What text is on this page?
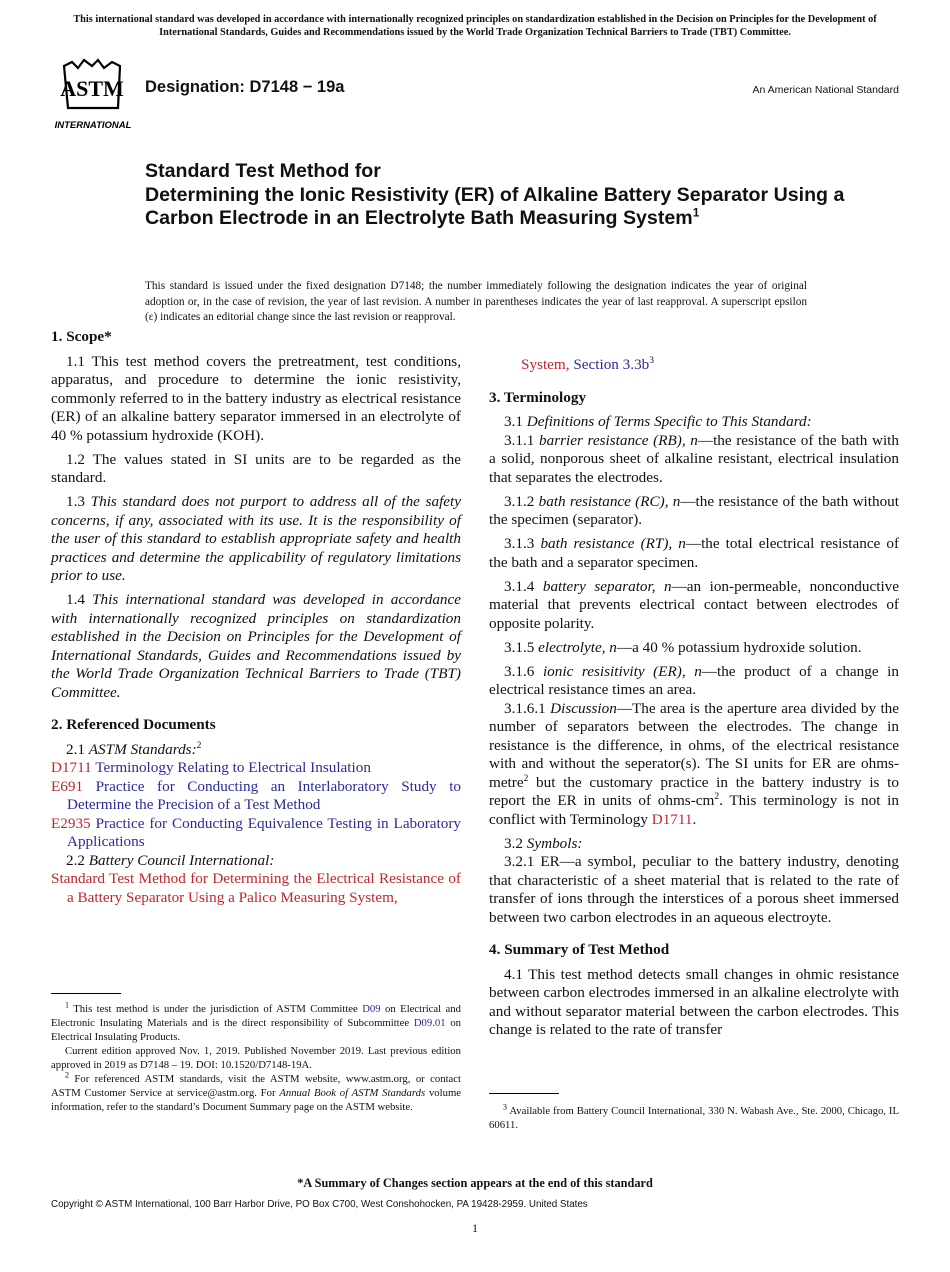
This international standard was developed in accordance with internationally recognized principles on standardization established in the Decision on Principles for the Development of International Standards, Guides and Recommendations issued by the World Trade Organization Technical Barriers to Trade (TBT) Committee.
ASTM
INTERNATIONAL
Designation: D7148 − 19a	An American National Standard
Standard Test Method for
Determining the Ionic Resistivity (ER) of Alkaline Battery Separator Using a Carbon Electrode in an Electrolyte Bath Measuring System$^1$
This standard is issued under the fixed designation D7148; the number immediately following the designation indicates the year of original adoption or, in the case of revision, the year of last revision. A number in parentheses indicates the year of last reapproval. A superscript epsilon (ε) indicates an editorial change since the last revision or reapproval.
1. Scope*

1.1 This test method covers the pretreatment, test conditions, apparatus, and procedure to determine the ionic resistivity, commonly referred to in the battery industry as electrical resistance (ER) of an alkaline battery separator immersed in an electrolyte of 40 % potassium hydroxide (KOH).

1.2 The values stated in SI units are to be regarded as the standard.

1.3 This standard does not purport to address all of the safety concerns, if any, associated with its use. It is the responsibility of the user of this standard to establish appropriate safety and health practices and determine the applicability of regulatory limitations prior to use.

1.4 This international standard was developed in accordance with internationally recognized principles on standardization established in the Decision on Principles for the Development of International Standards, Guides and Recommendations issued by the World Trade Organization Technical Barriers to Trade (TBT) Committee.

2. Referenced Documents

2.1 ASTM Standards:$^2$

D1711 Terminology Relating to Electrical Insulation
E691 Practice for Conducting an Interlaboratory Study to Determine the Precision of a Test Method
E2935 Practice for Conducting Equivalence Testing in Laboratory Applications

2.2 Battery Council International:

Standard Test Method for Determining the Electrical Resistance of a Battery Separator Using a Palico Measuring System,
System, Section $3.3b^3$
3. Terminology

3.1 Definitions of Terms Specific to This Standard:

3.1.1 barrier resistance (RB), n—the resistance of the bath with a solid, nonporous sheet of alkaline resistant, electrical insulation that separates the electrodes.

3.1.2 bath resistance (RC), n—the resistance of the bath without the specimen (separator).

3.1.3 bath resistance (RT), n—the total electrical resistance of the bath and a separator specimen.

3.1.4 battery separator, n—an ion-permeable, nonconductive material that prevents electrical contact between electrodes of opposite polarity.

3.1.5 electrolyte, n—a 40 % potassium hydroxide solution.

3.1.6 ionic resisitivity (ER), n—the product of a change in electrical resistance times an area.

3.1.6.1 Discussion—The area is the aperture area divided by the number of separators between the electrodes. The change in resistance is the difference, in ohms, of the electrical resistance with and without the seperator(s). The SI units for ER are ohms-metre$^2$ but the customary practice in the battery industry is to report the ER in units of ohms-$cm^2$. This terminology is not in conflict with Terminology D1711.

3.2 Symbols:

3.2.1 ER—a symbol, peculiar to the battery industry, denoting that characteristic of a sheet material that is related to the rate of transfer of ions through the interstices of a porous sheet immersed between two carbon electrodes in an aqueous electroyte.

4. Summary of Test Method

4.1 This test method detects small changes in ohmic resistance between carbon electrodes immersed in an alkaline electrolyte with and without separator material between the carbon electrodes. This change is related to the rate of transfer

$^1$ This test method is under the jurisdiction of ASTM Committee D09 on Electrical and Electronic Insulating Materials and is the direct responsibility of Subcommittee D09.01 on Electrical Insulating Products.

Current edition approved Nov. 1, 2019. Published November 2019. Last previous edition approved in 2019 as D7148 – 19. DOI: 10.1520/D7148-19A.

$^2$ For referenced ASTM standards, visit the ASTM website, www.astm.org, or contact ASTM Customer Service at service@astm.org. For Annual Book of ASTM Standards volume information, refer to the standard’s Document Summary page on the ASTM website.	$^3$ Available from Battery Council International, 330 N. Wabash Ave., Ste. 2000, Chicago, IL 60611.

*A Summary of Changes section appears at the end of this standard
Copyright © ASTM International, 100 Barr Harbor Drive, PO Box C700, West Conshohocken, PA 19428-2959. United States
1
